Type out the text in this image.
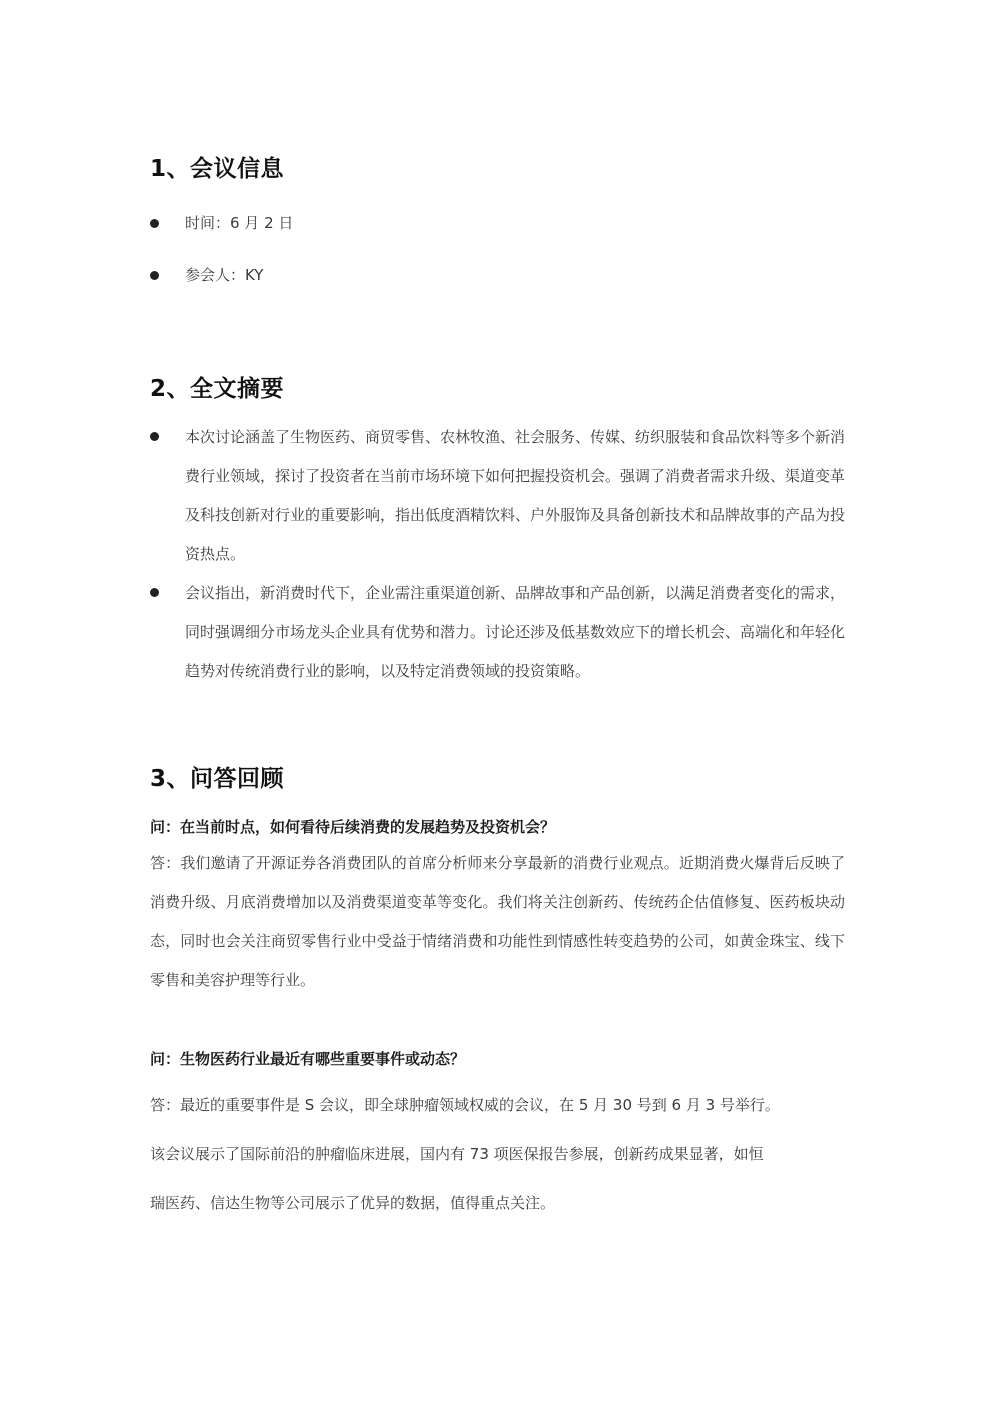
1、会议信息
时间：6 月 2 日
参会人：KY
2、全文摘要
本次讨论涵盖了生物医药、商贸零售、农林牧渔、社会服务、传媒、纺织服装和食品饮料等多个新消费行业领域，探讨了投资者在当前市场环境下如何把握投资机会。强调了消费者需求升级、渠道变革及科技创新对行业的重要影响，指出低度酒精饮料、户外服饰及具备创新技术和品牌故事的产品为投资热点。
会议指出，新消费时代下，企业需注重渠道创新、品牌故事和产品创新，以满足消费者变化的需求，同时强调细分市场龙头企业具有优势和潜力。讨论还涉及低基数效应下的增长机会、高端化和年轻化趋势对传统消费行业的影响，以及特定消费领域的投资策略。
3、问答回顾
问：在当前时点，如何看待后续消费的发展趋势及投资机会？
答：我们邀请了开源证券各消费团队的首席分析师来分享最新的消费行业观点。近期消费火爆背后反映了消费升级、月底消费增加以及消费渠道变革等变化。我们将关注创新药、传统药企估值修复、医药板块动态，同时也会关注商贸零售行业中受益于情绪消费和功能性到情感性转变趋势的公司，如黄金珠宝、线下零售和美容护理等行业。
问：生物医药行业最近有哪些重要事件或动态？
答：最近的重要事件是 S 会议，即全球肿瘤领域权威的会议，在 5 月 30 号到 6 月 3 号举行。
该会议展示了国际前沿的肿瘤临床进展，国内有 73 项医保报告参展，创新药成果显著，如恒
瑞医药、信达生物等公司展示了优异的数据，值得重点关注。
